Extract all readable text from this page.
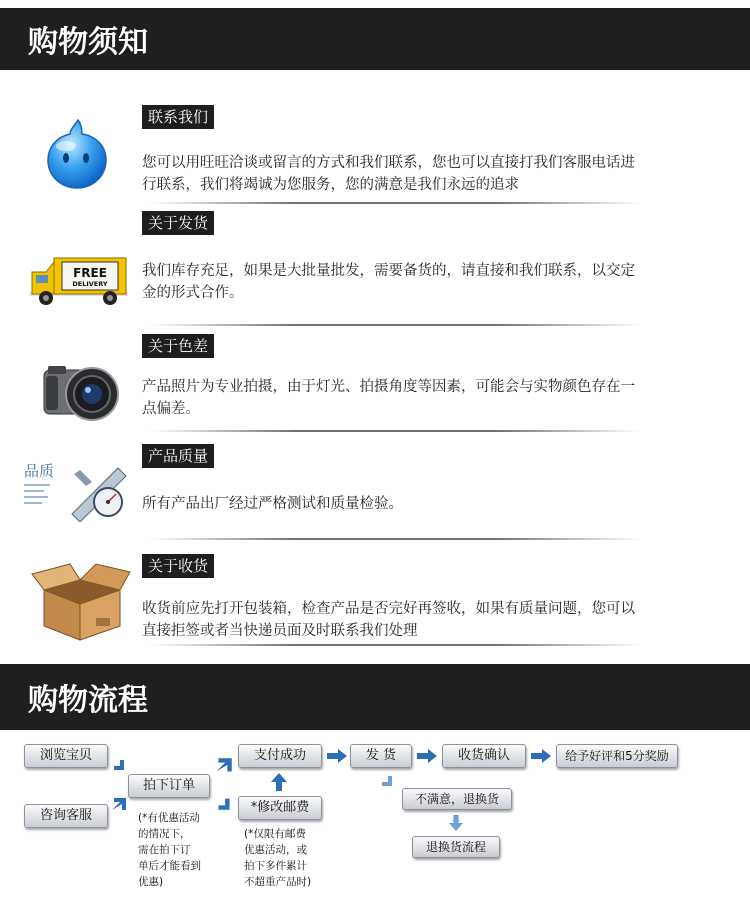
购物须知
联系我们
您可以用旺旺洽谈或留言的方式和我们联系，您也可以直接打我们客服电话进行联系，我们将竭诚为您服务，您的满意是我们永远的追求
FREE
DELIVERY
关于发货
我们库存充足，如果是大批量批发，需要备货的，请直接和我们联系，以交定金的形式合作。
关于色差
产品照片为专业拍摄，由于灯光、拍摄角度等因素，可能会与实物颜色存在一点偏差。
品质
产品质量
所有产品出厂经过严格测试和质量检验。
关于收货
收货前应先打开包装箱，检查产品是否完好再签收，如果有质量问题，您可以直接拒签或者当快递员面及时联系我们处理
购物流程
浏览宝贝
咨询客服
拍下订单
支付成功
*修改邮费
发 货	收货确认	给予好评和5分奖励
不满意，退换货
退换货流程
(*有优惠活动
的情况下，
需在拍下订
单后才能看到
优惠)
(*仅限有邮费
优惠活动，或
拍下多件累计
不超重产品时)
